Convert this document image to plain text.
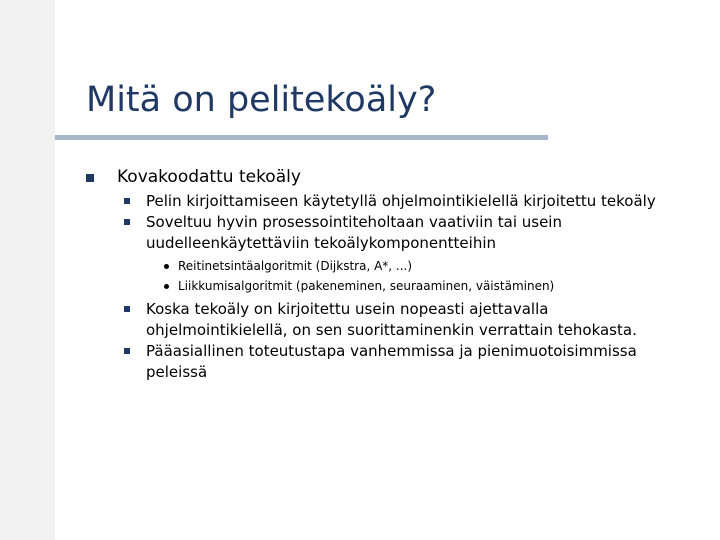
Mitä on pelitekoäly?
Kovakoodattu tekoäly
Pelin kirjoittamiseen käytetyllä ohjelmointikielellä kirjoitettu tekoäly
Soveltuu hyvin prosessointiteholtaan vaativiin tai usein
uudelleenkäytettäviin tekoälykomponentteihin
Reitinetsintäalgoritmit (Dijkstra, A*, ...)
Liikkumisalgoritmit (pakeneminen, seuraaminen, väistäminen)
Koska tekoäly on kirjoitettu usein nopeasti ajettavalla
ohjelmointikielellä, on sen suorittaminenkin verrattain tehokasta.
Pääasiallinen toteutustapa vanhemmissa ja pienimuotoisimmissa
peleissä
